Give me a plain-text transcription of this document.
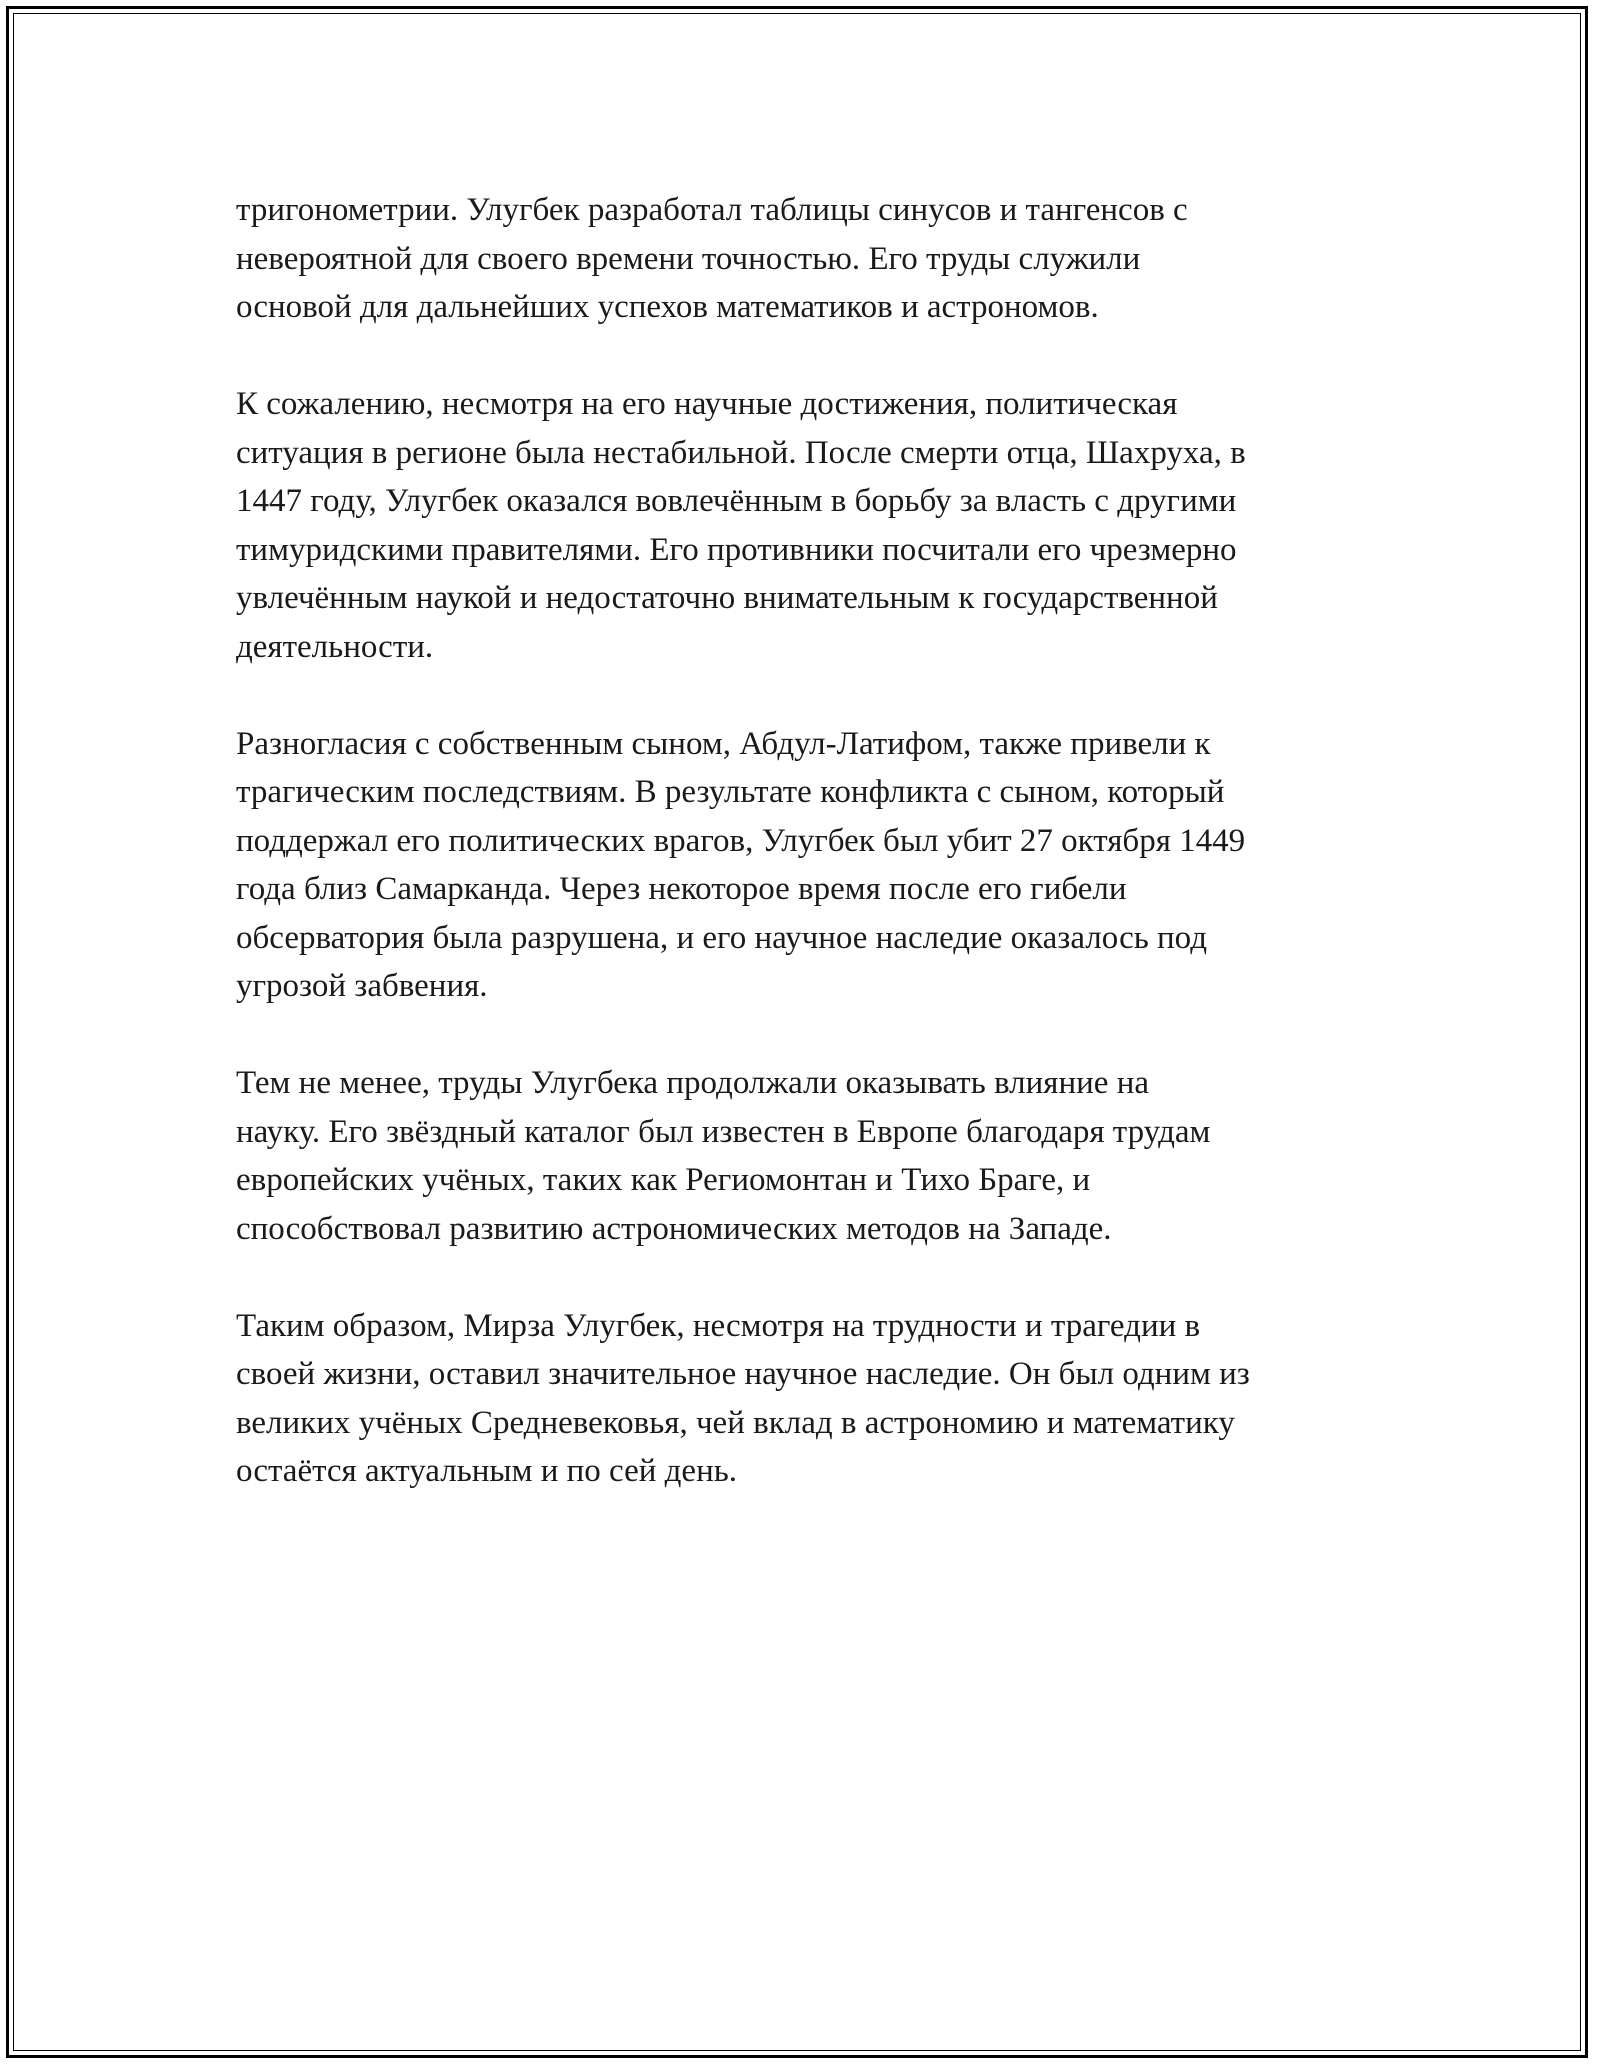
тригонометрии. Улугбек разработал таблицы синусов и тангенсов с
невероятной для своего времени точностью. Его труды служили
основой для дальнейших успехов математиков и астрономов.

К сожалению, несмотря на его научные достижения, политическая
ситуация в регионе была нестабильной. После смерти отца, Шахруха, в
1447 году, Улугбек оказался вовлечённым в борьбу за власть с другими
тимуридскими правителями. Его противники посчитали его чрезмерно
увлечённым наукой и недостаточно внимательным к государственной
деятельности.

Разногласия с собственным сыном, Абдул-Латифом, также привели к
трагическим последствиям. В результате конфликта с сыном, который
поддержал его политических врагов, Улугбек был убит 27 октября 1449
года близ Самарканда. Через некоторое время после его гибели
обсерватория была разрушена, и его научное наследие оказалось под
угрозой забвения.

Тем не менее, труды Улугбека продолжали оказывать влияние на
науку. Его звёздный каталог был известен в Европе благодаря трудам
европейских учёных, таких как Региомонтан и Тихо Браге, и
способствовал развитию астрономических методов на Западе.

Таким образом, Мирза Улугбек, несмотря на трудности и трагедии в
своей жизни, оставил значительное научное наследие. Он был одним из
великих учёных Средневековья, чей вклад в астрономию и математику
остаётся актуальным и по сей день.
